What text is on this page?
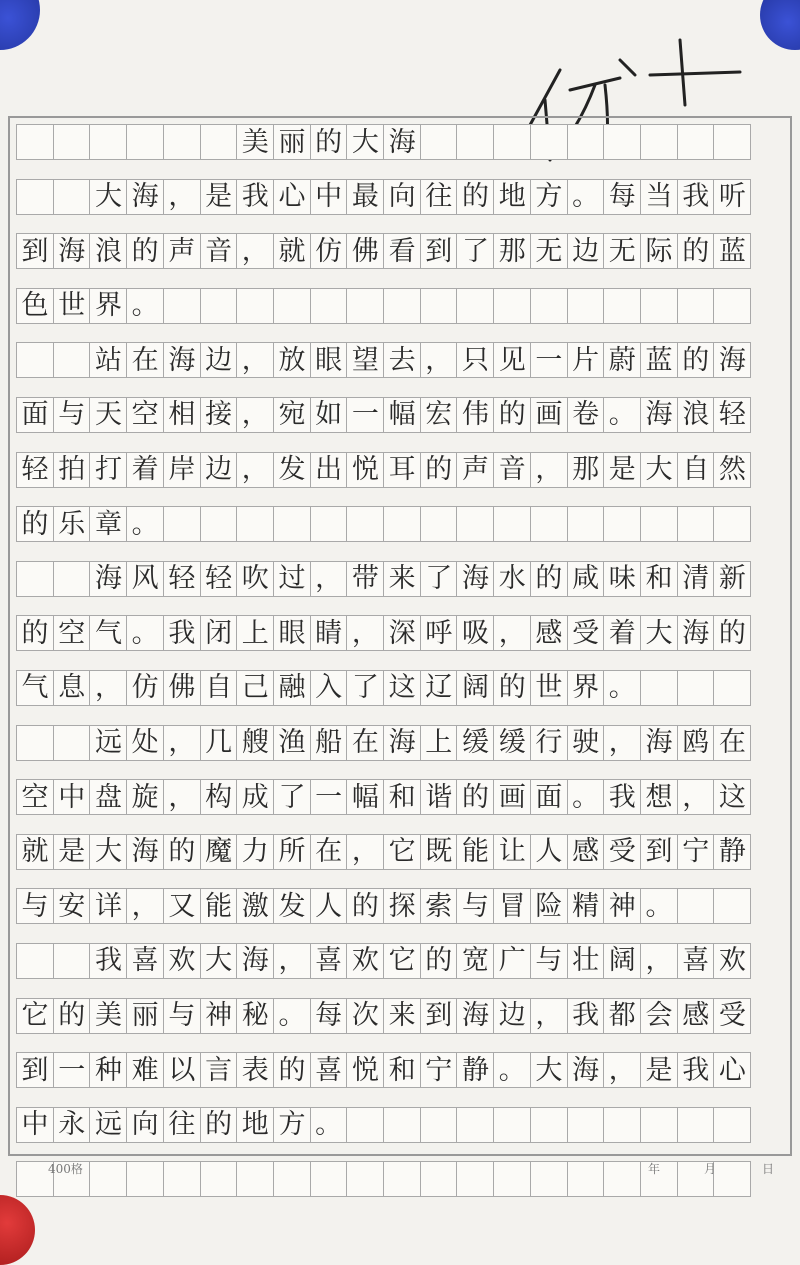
美 丽 的 大 海
大 海 ， 是 我 心 中 最 向 往 的 地 方 。 每 当 我 听
到 海 浪 的 声 音 ， 就 仿 佛 看 到 了 那 无 边 无 际 的 蓝
色 世 界 。
站 在 海 边 ， 放 眼 望 去 ， 只 见 一 片 蔚 蓝 的 海
面 与 天 空 相 接 ， 宛 如 一 幅 宏 伟 的 画 卷 。 海 浪 轻
轻 拍 打 着 岸 边 ， 发 出 悦 耳 的 声 音 ， 那 是 大 自 然
的 乐 章 。
海 风 轻 轻 吹 过 ， 带 来 了 海 水 的 咸 味 和 清 新
的 空 气 。 我 闭 上 眼 睛 ， 深 呼 吸 ， 感 受 着 大 海 的
气 息 ， 仿 佛 自 己 融 入 了 这 辽 阔 的 世 界 。
远 处 ， 几 艘 渔 船 在 海 上 缓 缓 行 驶 ， 海 鸥 在
空 中 盘 旋 ， 构 成 了 一 幅 和 谐 的 画 面 。 我 想 ， 这
就 是 大 海 的 魔 力 所 在 ， 它 既 能 让 人 感 受 到 宁 静
与 安 详 ， 又 能 激 发 人 的 探 索 与 冒 险 精 神 。
我 喜 欢 大 海 ， 喜 欢 它 的 宽 广 与 壮 阔 ， 喜 欢
它 的 美 丽 与 神 秘 。 每 次 来 到 海 边 ， 我 都 会 感 受
到 一 种 难 以 言 表 的 喜 悦 和 宁 静 。 大 海 ， 是 我 心
中 永 远 向 往 的 地 方 。
400格	年	月	日
